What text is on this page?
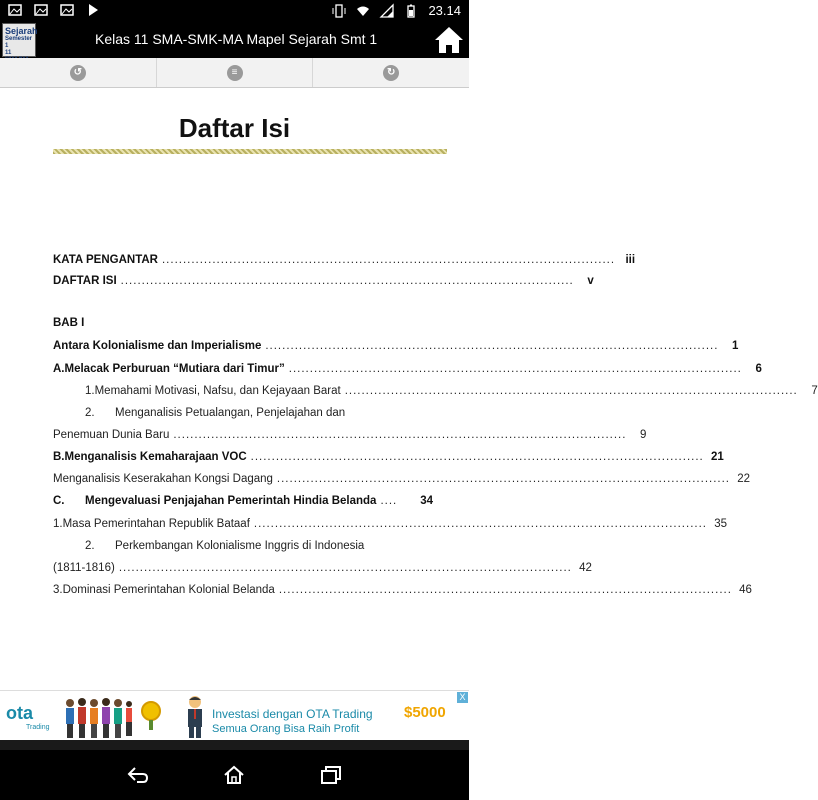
23.14
Sejarah
Semester 1
11
Kelas 11 SMA-SMK-MA Mapel Sejarah Smt 1
↺	≡	↻
Daftar Isi
KATA PENGANTAR ............................................................................................................ iii
DAFTAR ISI ............................................................................................................	v
BAB I
Antara Kolonialisme dan Imperialisme ............................................................................................................	1
A. Melacak Perburuan “Mutiara dari Timur” ............................................................................................................	6
1. Memahami Motivasi, Nafsu, dan Kejayaan Barat ............................................................................................................	7
2.	Menganalisis Petualangan, Penjelajahan dan
Penemuan Dunia Baru ............................................................................................................	9
B. Menganalisis Kemaharajaan VOC ............................................................................................................ 21
Menganalisis Keserakahan Kongsi Dagang ............................................................................................................ 22
C.	Mengevaluasi Penjajahan Pemerintah Hindia Belanda ....	34
1. Masa Pemerintahan Republik Bataaf ............................................................................................................ 35
2.	Perkembangan Kolonialisme Inggris di Indonesia
(1811-1816) ............................................................................................................ 42
3. Dominasi Pemerintahan Kolonial Belanda ............................................................................................................ 46
ota
Trading
Investasi dengan OTA Trading
Semua Orang Bisa Raih Profit
$5000
X
